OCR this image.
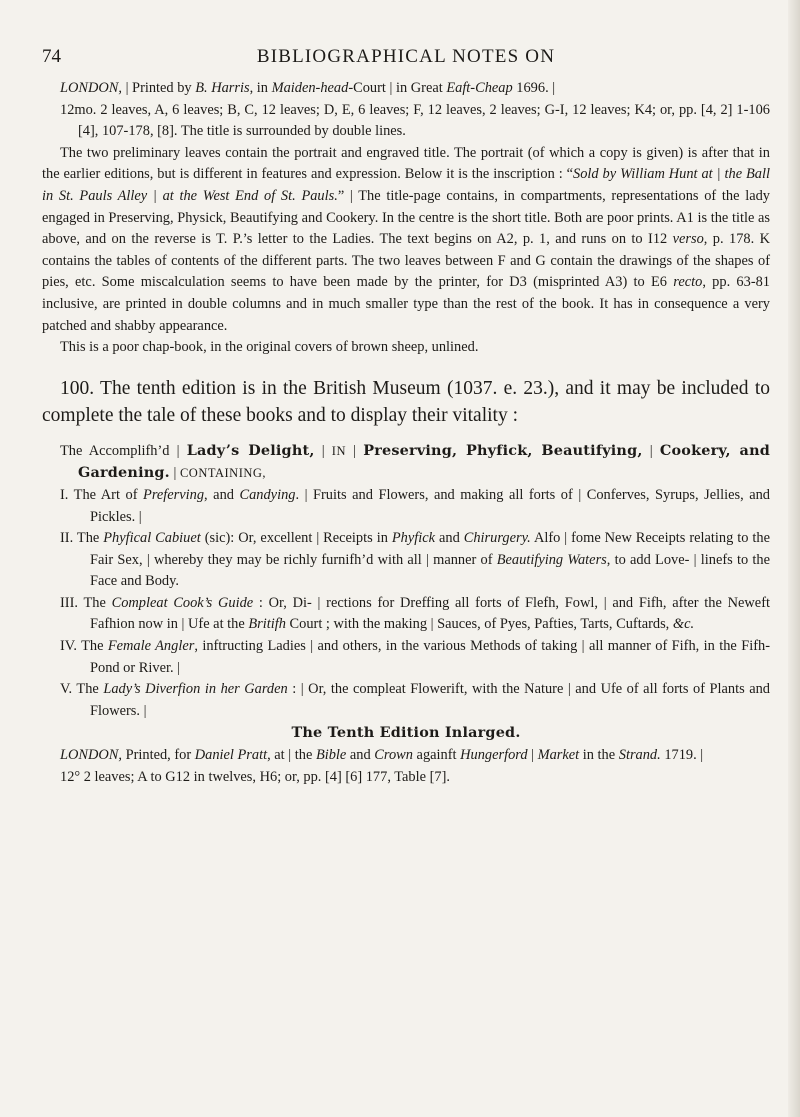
74	BIBLIOGRAPHICAL NOTES ON

LONDON, | Printed by B. Harris, in Maiden-head-Court | in Great Eaft-Cheap 1696. |

12mo. 2 leaves, A, 6 leaves; B, C, 12 leaves; D, E, 6 leaves; F, 12 leaves, 2 leaves; G-I, 12 leaves; K4; or, pp. [4, 2] 1-106 [4], 107-178, [8]. The title is surrounded by double lines.

The two preliminary leaves contain the portrait and engraved title. The portrait (of which a copy is given) is after that in the earlier editions, but is different in features and expression. Below it is the inscription : “Sold by William Hunt at | the Ball in St. Pauls Alley | at the West End of St. Pauls.” | The title-page contains, in compartments, representations of the lady engaged in Preserving, Physick, Beautifying and Cookery. In the centre is the short title. Both are poor prints. A1 is the title as above, and on the reverse is T. P.’s letter to the Ladies. The text begins on A2, p. 1, and runs on to I12 verso, p. 178. K contains the tables of contents of the different parts. The two leaves between F and G contain the drawings of the shapes of pies, etc. Some miscalculation seems to have been made by the printer, for D3 (misprinted A3) to E6 recto, pp. 63-81 inclusive, are printed in double columns and in much smaller type than the rest of the book. It has in consequence a very patched and shabby appearance.

This is a poor chap-book, in the original covers of brown sheep, unlined.

100. The tenth edition is in the British Museum (1037. e. 23.), and it may be included to complete the tale of these books and to display their vitality :

The Accomplifh’d | Lady’s Delight, | IN | Preserving, Phyfick, Beautifying, | Cookery, and Gardening. | CONTAINING,

I. The Art of Preferving, and Candying. | Fruits and Flowers, and making all forts of | Conferves, Syrups, Jellies, and Pickles. |

II. The Phyfical Cabiuet (sic): Or, excellent | Receipts in Phyfick and Chirurgery. Alfo | fome New Receipts relating to the Fair Sex, | whereby they may be richly furnifh’d with all | manner of Beautifying Waters, to add Love- | linefs to the Face and Body.

III. The Compleat Cook’s Guide : Or, Di- | rections for Dreffing all forts of Flefh, Fowl, | and Fifh, after the Neweft Fafhion now in | Ufe at the Britifh Court ; with the making | Sauces, of Pyes, Pafties, Tarts, Cuftards, &c.

IV. The Female Angler, inftructing Ladies | and others, in the various Methods of taking | all manner of Fifh, in the Fifh-Pond or River. |

V. The Lady’s Diverfion in her Garden : | Or, the compleat Flowerift, with the Nature | and Ufe of all forts of Plants and Flowers. |

The Tenth Edition Inlarged.

LONDON, Printed, for Daniel Pratt, at | the Bible and Crown againft Hungerford | Market in the Strand. 1719. |

12° 2 leaves; A to G12 in twelves, H6; or, pp. [4] [6] 177, Table [7].
